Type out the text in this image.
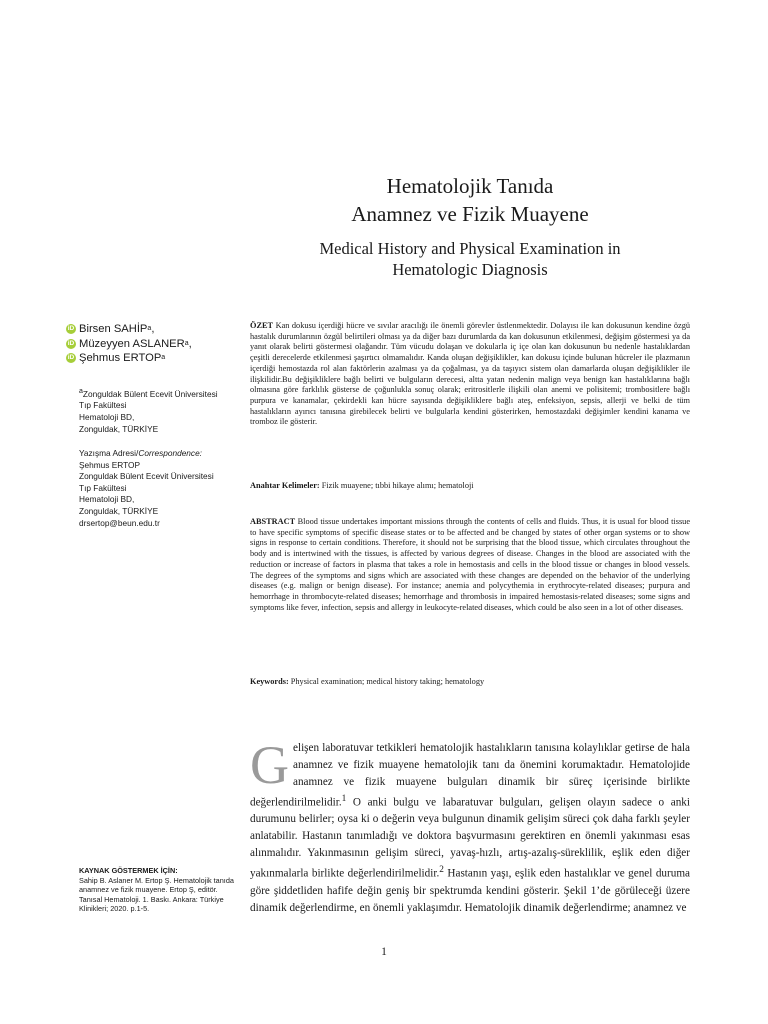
Hematolojik Tanıda
Anamnez ve Fizik Muayene
Medical History and Physical Examination in
Hematologic Diagnosis
iD Birsen SAHİP a ,
iD Müzeyyen ASLANER a ,
iD Şehmus ERTOP a
$^a$Zonguldak Bülent Ecevit Üniversitesi
Tıp Fakültesi
Hematoloji BD,
Zonguldak, TÜRKİYE
Yazışma Adresi/Correspondence:
Şehmus ERTOP
Zonguldak Bülent Ecevit Üniversitesi
Tıp Fakültesi
Hematoloji BD,
Zonguldak, TÜRKİYE
drsertop@beun.edu.tr
KAYNAK GÖSTERMEK İÇİN:
Sahip B. Aslaner M. Ertop Ş. Hematolojik tanıda anamnez ve fizik muayene. Ertop Ş, editör. Tanısal Hematoloji. 1. Baskı. Ankara: Türkiye Klinikleri; 2020. p.1-5.
ÖZET Kan dokusu içerdiği hücre ve sıvılar aracılığı ile önemli görevler üstlenmektedir. Dolayısı ile kan dokusunun kendine özgü hastalık durumlarının özgül belirtileri olması ya da diğer bazı durumlarda da kan dokusunun etkilenmesi, değişim göstermesi ya da yanıt olarak belirti göstermesi olağandır. Tüm vücudu dolaşan ve dokularla iç içe olan kan dokusunun bu nedenle hastalıklardan çeşitli derecelerde etkilenmesi şaşırtıcı olmamalıdır. Kanda oluşan değişiklikler, kan dokusu içinde bulunan hücreler ile plazmanın içerdiği hemostazda rol alan faktörlerin azalması ya da çoğalması, ya da taşıyıcı sistem olan damarlarda oluşan değişiklikler ile ilişkilidir.Bu değişikliklere bağlı belirti ve bulguların derecesi, altta yatan nedenin malign veya benign kan hastalıklarına bağlı olmasına göre farklılık gösterse de çoğunlukla sonuç olarak; eritrositlerle ilişkili olan anemi ve polisitemi; trombositlere bağlı purpura ve kanamalar, çekirdekli kan hücre sayısında değişikliklere bağlı ateş, enfeksiyon, sepsis, allerji ve belki de tüm hastalıkların ayırıcı tanısına girebilecek belirti ve bulgularla kendini gösterirken, hemostazdaki değişimler kendini kanama ve tromboz ile gösterir.
Anahtar Kelimeler: Fizik muayene; tıbbi hikaye alımı; hematoloji
ABSTRACT Blood tissue undertakes important missions through the contents of cells and fluids. Thus, it is usual for blood tissue to have specific symptoms of specific disease states or to be affected and be changed by states of other organ systems or to show signs in response to certain conditions. Therefore, it should not be surprising that the blood tissue, which circulates throughout the body and is intertwined with the tissues, is affected by various degrees of disease. Changes in the blood are associated with the reduction or increase of factors in plasma that takes a role in hemostasis and cells in the blood tissue or changes in blood vessels. The degrees of the symptoms and signs which are associated with these changes are depended on the behavior of the underlying diseases (e.g. malign or benign disease). For instance; anemia and polycythemia in erythrocyte-related diseases; purpura and hemorrhage in thrombocyte-related diseases; hemorrhage and thrombosis in impaired hemostasis-related diseases; some signs and symptoms like fever, infection, sepsis and allergy in leukocyte-related diseases, which could be also seen in a lot of other diseases.
Keywords: Physical examination; medical history taking; hematology
Gelişen laboratuvar tetkikleri hematolojik hastalıkların tanısına kolaylıklar getirse de hala anamnez ve fizik muayene hematolojik tanı da önemini korumaktadır. Hematolojide anamnez ve fizik muayene bulguları dinamik bir süreç içerisinde birlikte değerlendirilmelidir.$^1$ O anki bulgu ve labaratuvar bulguları, gelişen olayın sadece o anki durumunu belirler; oysa ki o değerin veya bulgunun dinamik gelişim süreci çok daha farklı şeyler anlatabilir. Hastanın tanımladığı ve doktora başvurmasını gerektiren en önemli yakınması esas alınmalıdır. Yakınmasının gelişim süreci, yavaş-hızlı, artış-azalış-süreklilik, eşlik eden diğer yakınmalarla birlikte değerlendirilmelidir.$^2$ Hastanın yaşı, eşlik eden hastalıklar ve genel duruma göre şiddetliden hafife değin geniş bir spektrumda kendini gösterir. Şekil 1’de görüleceği üzere dinamik değerlendirme, en önemli yaklaşımdır. Hematolojik dinamik değerlendirme; anamnez ve
1
